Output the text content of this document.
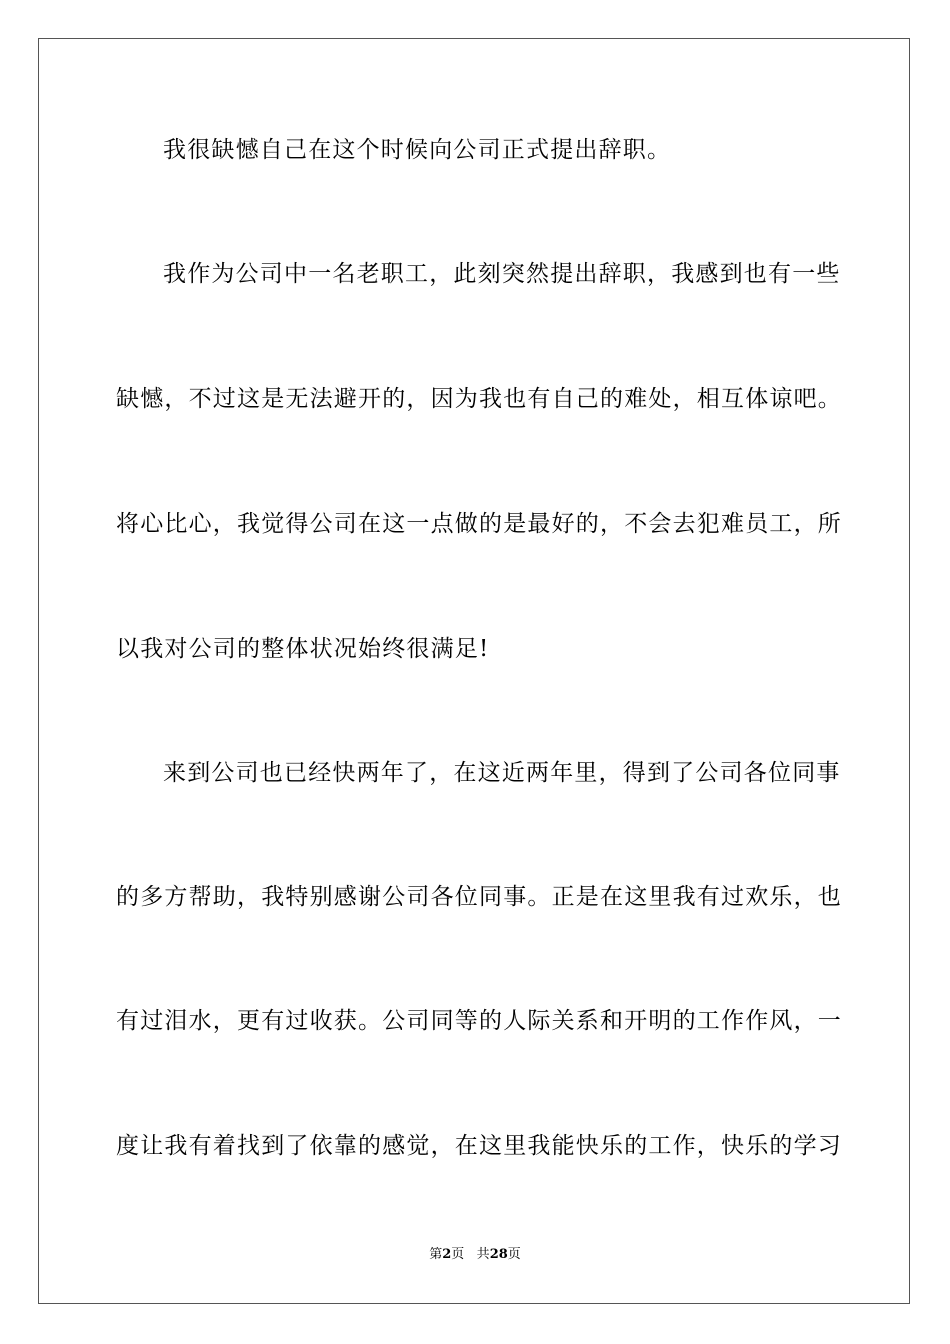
我很缺憾自己在这个时候向公司正式提出辞职。
我作为公司中一名老职工，此刻突然提出辞职，我感到也有一些
缺憾，不过这是无法避开的，因为我也有自己的难处，相互体谅吧。
将心比心，我觉得公司在这一点做的是最好的，不会去犯难员工，所
以我对公司的整体状况始终很满足!
来到公司也已经快两年了，在这近两年里，得到了公司各位同事
的多方帮助，我特别感谢公司各位同事。正是在这里我有过欢乐，也
有过泪水，更有过收获。公司同等的人际关系和开明的工作作风，一
度让我有着找到了依靠的感觉，在这里我能快乐的工作，快乐的学习
第2页 共28页
